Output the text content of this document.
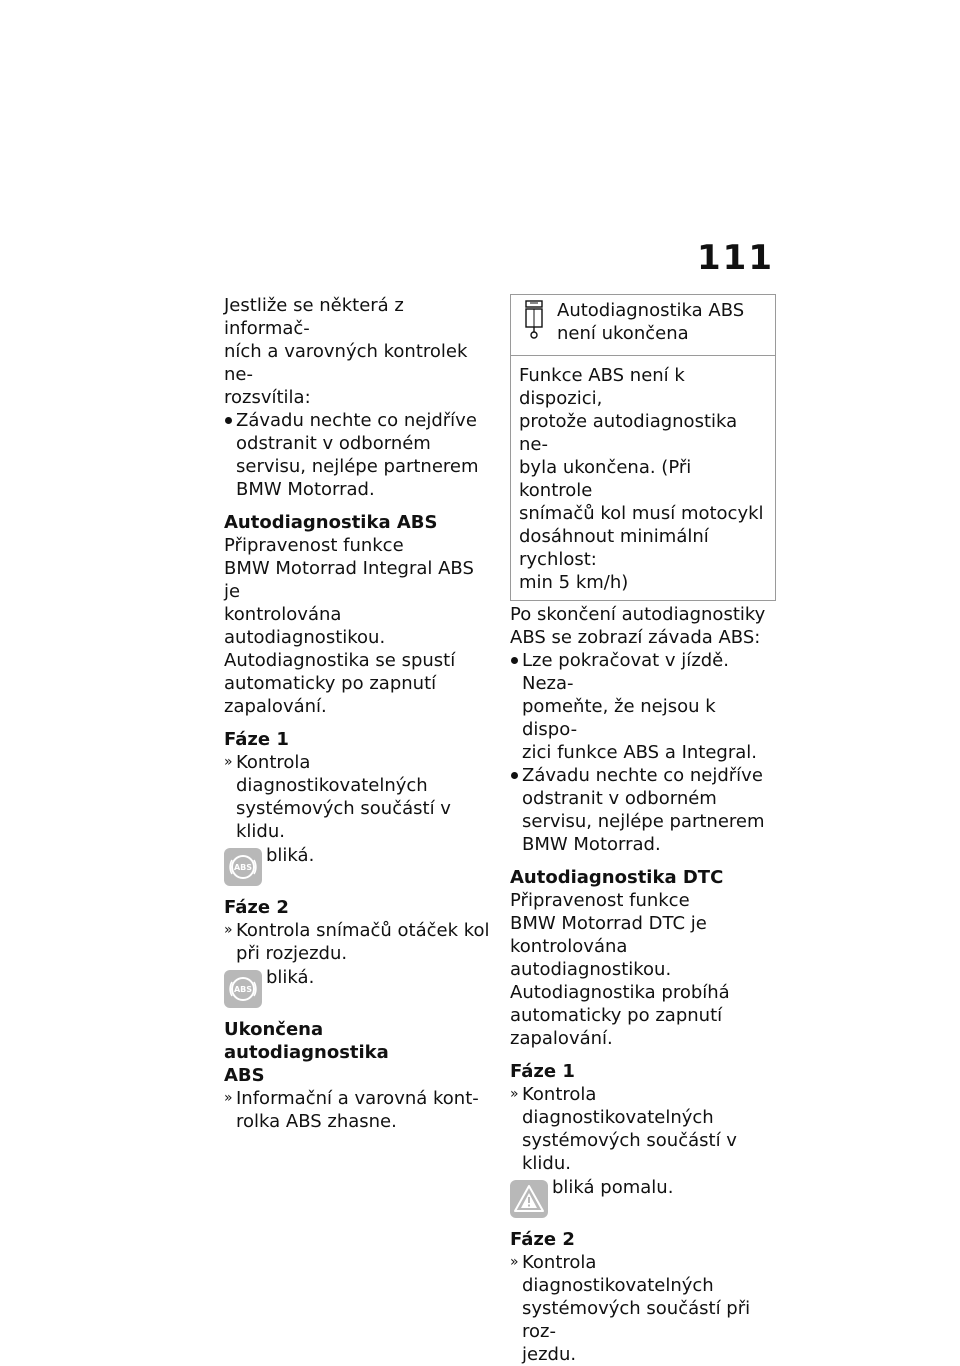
111

Jestliže se některá z informač-

ních a varovných kontrolek ne-

rozsvítila:

Závadu nechte co nejdříve

odstranit v odborném

servisu, nejlépe partnerem

BMW Motorrad.

Autodiagnostika ABS

Připravenost funkce

BMW Motorrad Integral ABS je

kontrolována autodiagnostikou.

Autodiagnostika se spustí

automaticky po zapnutí

zapalování.

Fáze 1

» Kontrola diagnostikovatelných

systémových součástí v klidu.

ABS
bliká.

Fáze 2

» Kontrola snímačů otáček kol

při rozjezdu.

ABS
bliká.

Ukončena autodiagnostika

ABS

» Informační a varovná kont-

rolka ABS zhasne.

Autodiagnostika ABS

není ukončena

Funkce ABS není k dispozici,

protože autodiagnostika ne-

byla ukončena. (Při kontrole

snímačů kol musí motocykl

dosáhnout minimální rychlost:

min 5 km/h)

Po skončení autodiagnostiky

ABS se zobrazí závada ABS:

Lze pokračovat v jízdě. Neza-

pomeňte, že nejsou k dispo-

zici funkce ABS a Integral.

Závadu nechte co nejdříve

odstranit v odborném

servisu, nejlépe partnerem

BMW Motorrad.

Autodiagnostika DTC

Připravenost funkce

BMW Motorrad DTC je

kontrolována autodiagnostikou.

Autodiagnostika probíhá

automaticky po zapnutí

zapalování.

Fáze 1

» Kontrola diagnostikovatelných

systémových součástí v klidu.

bliká pomalu.

Fáze 2

» Kontrola diagnostikovatelných

systémových součástí při roz-

jezdu.
